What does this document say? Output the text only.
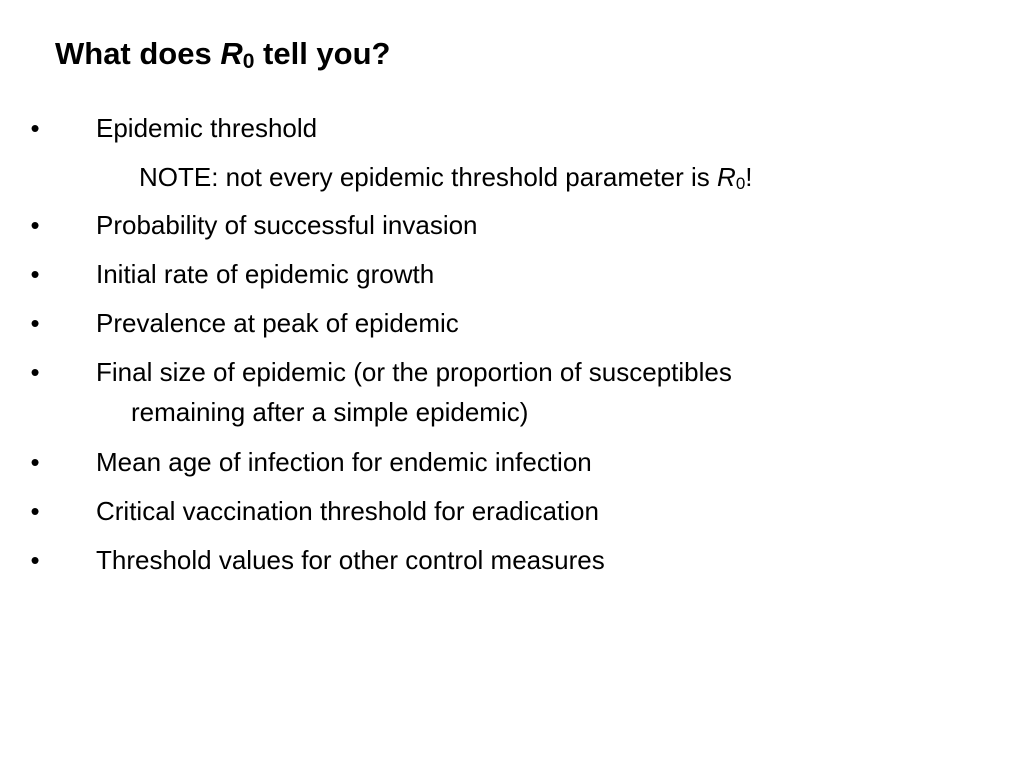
What does $R_0$ tell you?
• Epidemic threshold
NOTE: not every epidemic threshold parameter is $R_0$!
• Probability of successful invasion
• Initial rate of epidemic growth
• Prevalence at peak of epidemic
• Final size of epidemic (or the proportion of susceptibles
remaining after a simple epidemic)
• Mean age of infection for endemic infection
• Critical vaccination threshold for eradication
• Threshold values for other control measures
